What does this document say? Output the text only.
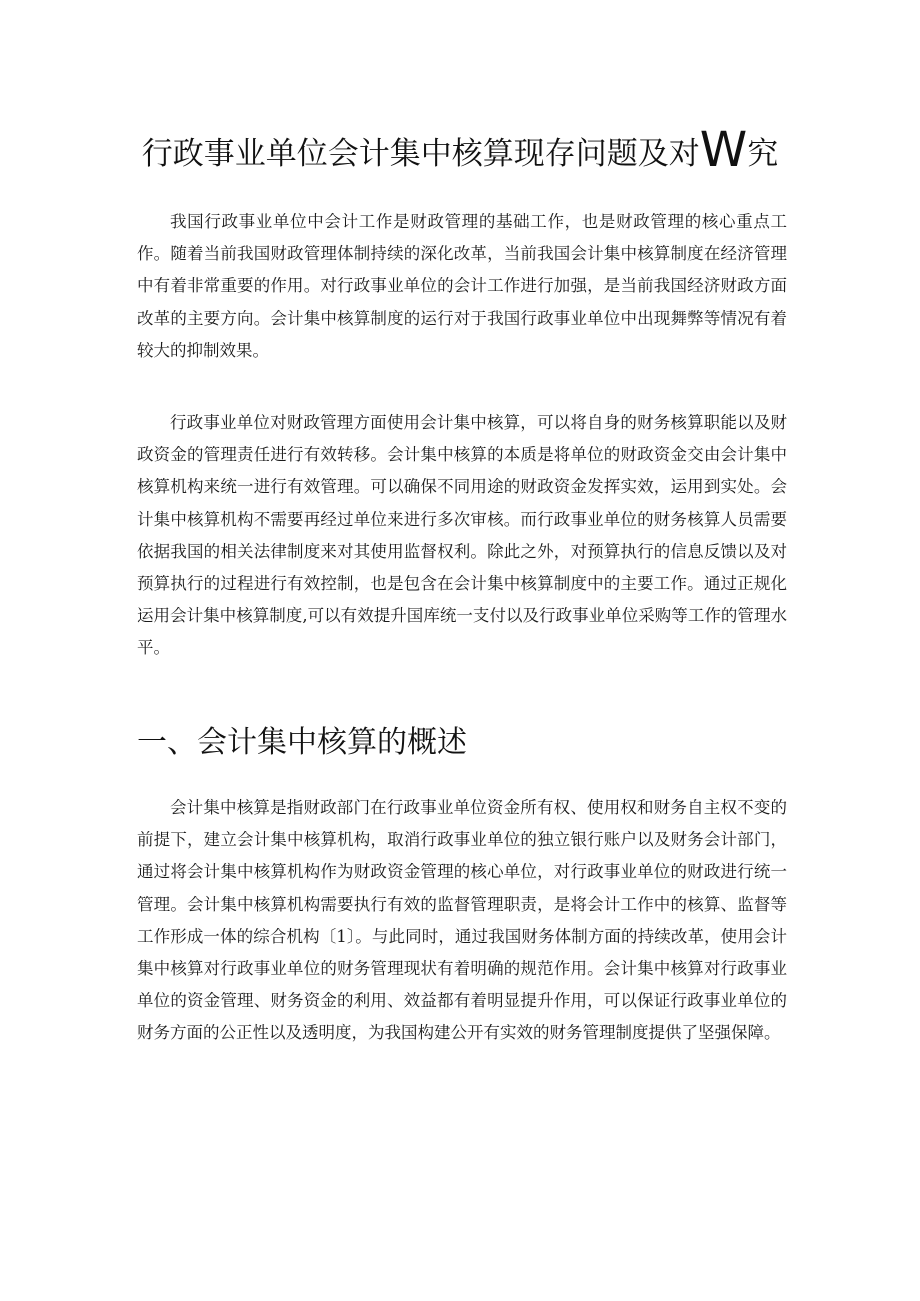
行政事业单位会计集中核算现存问题及对W究

我国行政事业单位中会计工作是财政管理的基础工作，也是财政管理的核心重点工作。随着当前我国财政管理体制持续的深化改革，当前我国会计集中核算制度在经济管理中有着非常重要的作用。对行政事业单位的会计工作进行加强，是当前我国经济财政方面改革的主要方向。会计集中核算制度的运行对于我国行政事业单位中出现舞弊等情况有着较大的抑制效果。

行政事业单位对财政管理方面使用会计集中核算，可以将自身的财务核算职能以及财政资金的管理责任进行有效转移。会计集中核算的本质是将单位的财政资金交由会计集中核算机构来统一进行有效管理。可以确保不同用途的财政资金发挥实效，运用到实处。会计集中核算机构不需要再经过单位来进行多次审核。而行政事业单位的财务核算人员需要依据我国的相关法律制度来对其使用监督权利。除此之外，对预算执行的信息反馈以及对预算执行的过程进行有效控制，也是包含在会计集中核算制度中的主要工作。通过正规化运用会计集中核算制度,可以有效提升国库统一支付以及行政事业单位采购等工作的管理水平。

一、会计集中核算的概述

会计集中核算是指财政部门在行政事业单位资金所有权、使用权和财务自主权不变的前提下，建立会计集中核算机构，取消行政事业单位的独立银行账户以及财务会计部门，通过将会计集中核算机构作为财政资金管理的核心单位，对行政事业单位的财政进行统一管理。会计集中核算机构需要执行有效的监督管理职责，是将会计工作中的核算、监督等工作形成一体的综合机构〔1〕。与此同时，通过我国财务体制方面的持续改革，使用会计集中核算对行政事业单位的财务管理现状有着明确的规范作用。会计集中核算对行政事业单位的资金管理、财务资金的利用、效益都有着明显提升作用，可以保证行政事业单位的财务方面的公正性以及透明度，为我国构建公开有实效的财务管理制度提供了坚强保障。
